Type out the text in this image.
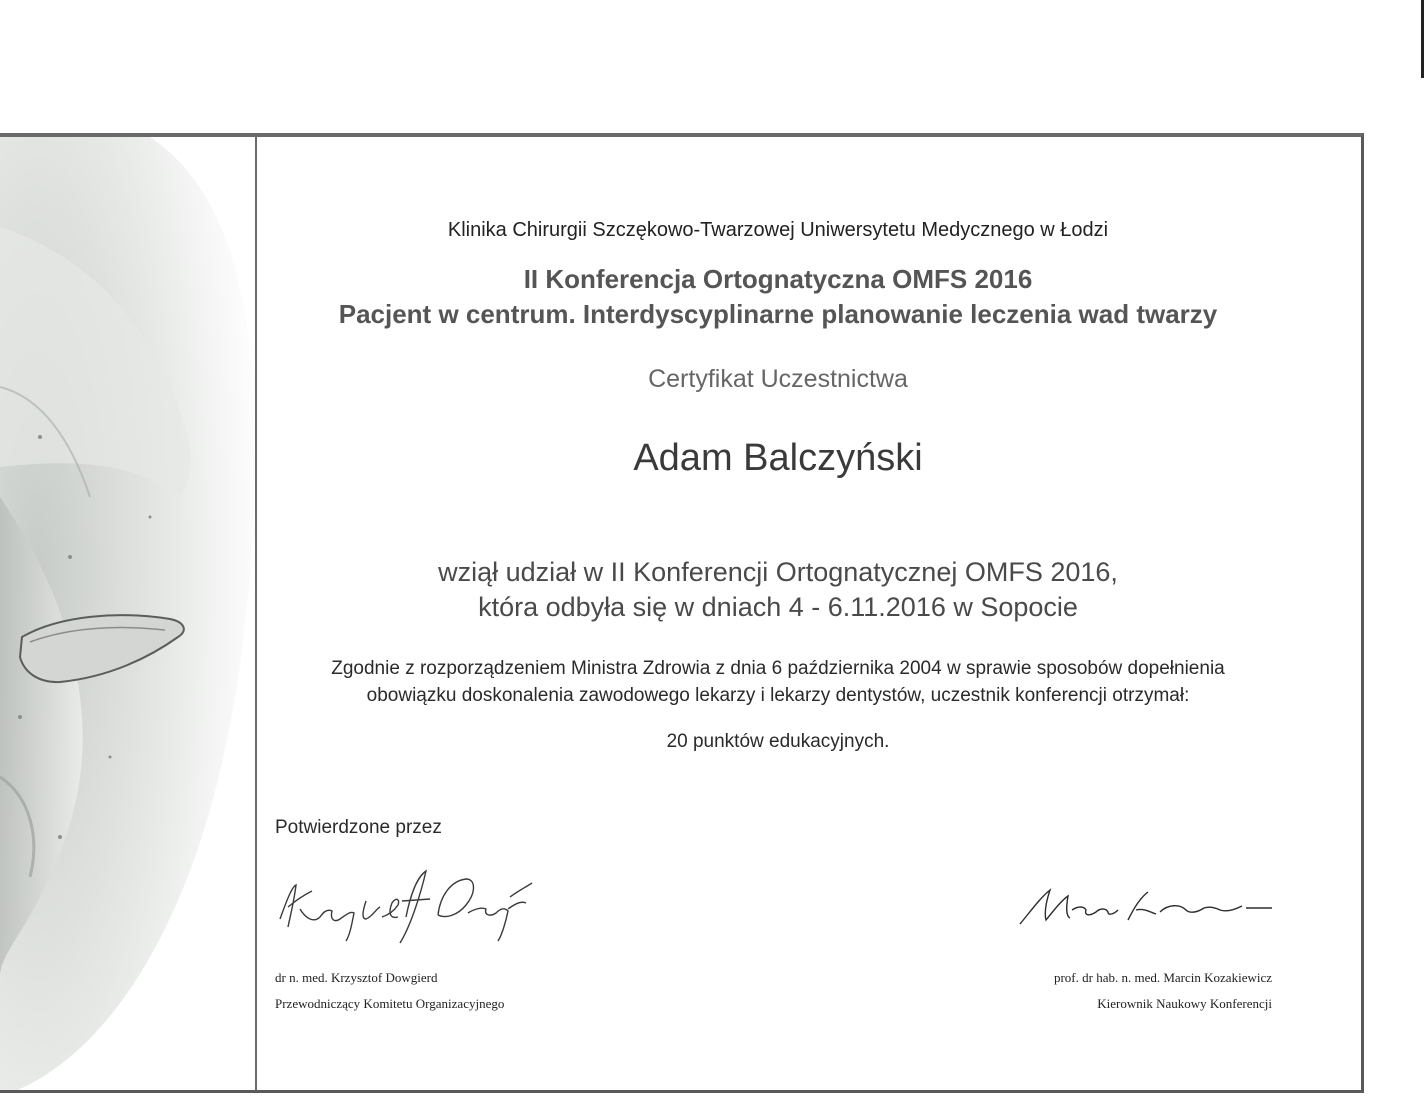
Klinika Chirurgii Szczękowo-Twarzowej Uniwersytetu Medycznego w Łodzi
II Konferencja Ortognatyczna OMFS 2016
Pacjent w centrum. Interdyscyplinarne planowanie leczenia wad twarzy
Certyfikat Uczestnictwa
Adam Balczyński
wziął udział w II Konferencji Ortognatycznej OMFS 2016,
która odbyła się w dniach 4 - 6.11.2016 w Sopocie
Zgodnie z rozporządzeniem Ministra Zdrowia z dnia 6 października 2004 w sprawie sposobów dopełnienia
obowiązku doskonalenia zawodowego lekarzy i lekarzy dentystów, uczestnik konferencji otrzymał:
20 punktów edukacyjnych.
Potwierdzone przez
dr n. med. Krzysztof Dowgierd
Przewodniczący Komitetu Organizacyjnego
prof. dr hab. n. med. Marcin Kozakiewicz
Kierownik Naukowy Konferencji
